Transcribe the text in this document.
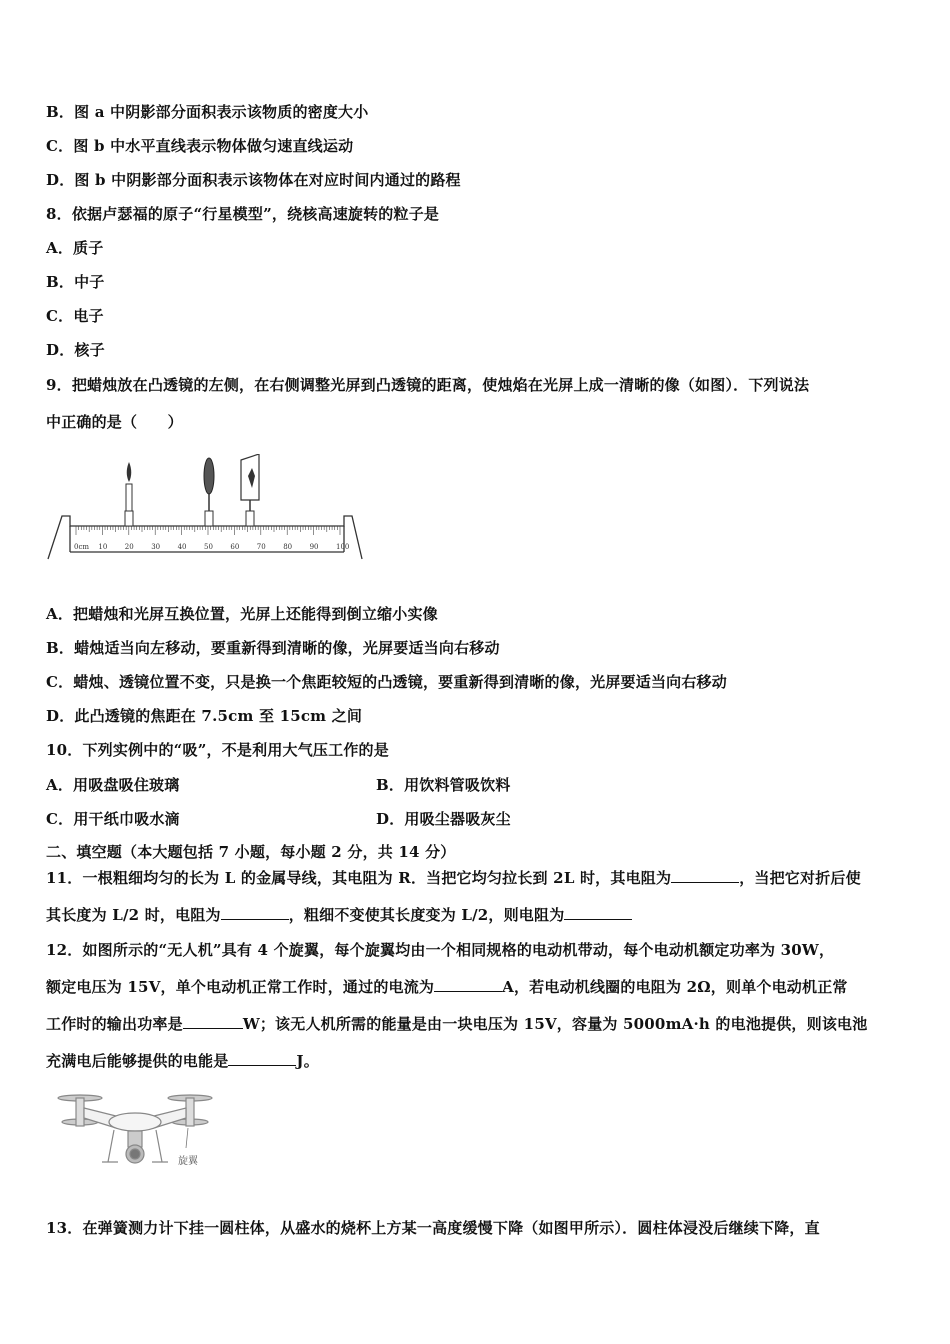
B．图 a 中阴影部分面积表示该物质的密度大小
C．图 b 中水平直线表示物体做匀速直线运动
D．图 b 中阴影部分面积表示该物体在对应时间内通过的路程
8．依据卢瑟福的原子“行星模型”，绕核高速旋转的粒子是
A．质子
B．中子
C．电子
D．核子
9．把蜡烛放在凸透镜的左侧，在右侧调整光屏到凸透镜的距离，使烛焰在光屏上成一清晰的像（如图）．下列说法
中正确的是（　　）
0cm 10 20 30 40 50 60 70 80 90 100
A．把蜡烛和光屏互换位置，光屏上还能得到倒立缩小实像
B．蜡烛适当向左移动，要重新得到清晰的像，光屏要适当向右移动
C．蜡烛、透镜位置不变，只是换一个焦距较短的凸透镜，要重新得到清晰的像，光屏要适当向右移动
D．此凸透镜的焦距在 7.5cm 至 15cm 之间
10．下列实例中的“吸”，不是利用大气压工作的是
A．用吸盘吸住玻璃	B．用饮料管吸饮料
C．用干纸巾吸水滴	D．用吸尘器吸灰尘
二、填空题（本大题包括 7 小题，每小题 2 分，共 14 分）
11．一根粗细均匀的长为 L 的金属导线，其电阻为 R．当把它均匀拉长到 2L 时，其电阻为	，当把它对折后使
其长度为 L/2 时，电阻为	，粗细不变使其长度变为 L/2，则电阻为
12．如图所示的“无人机”具有 4 个旋翼，每个旋翼均由一个相同规格的电动机带动，每个电动机额定功率为 30W，
额定电压为 15V，单个电动机正常工作时，通过的电流为	A，若电动机线圈的电阻为 2Ω，则单个电动机正常
工作时的输出功率是	W；该无人机所需的能量是由一块电压为 15V，容量为 5000mA·h 的电池提供，则该电池
充满电后能够提供的电能是	J。
旋翼
13．在弹簧测力计下挂一圆柱体，从盛水的烧杯上方某一高度缓慢下降（如图甲所示）．圆柱体浸没后继续下降，直
